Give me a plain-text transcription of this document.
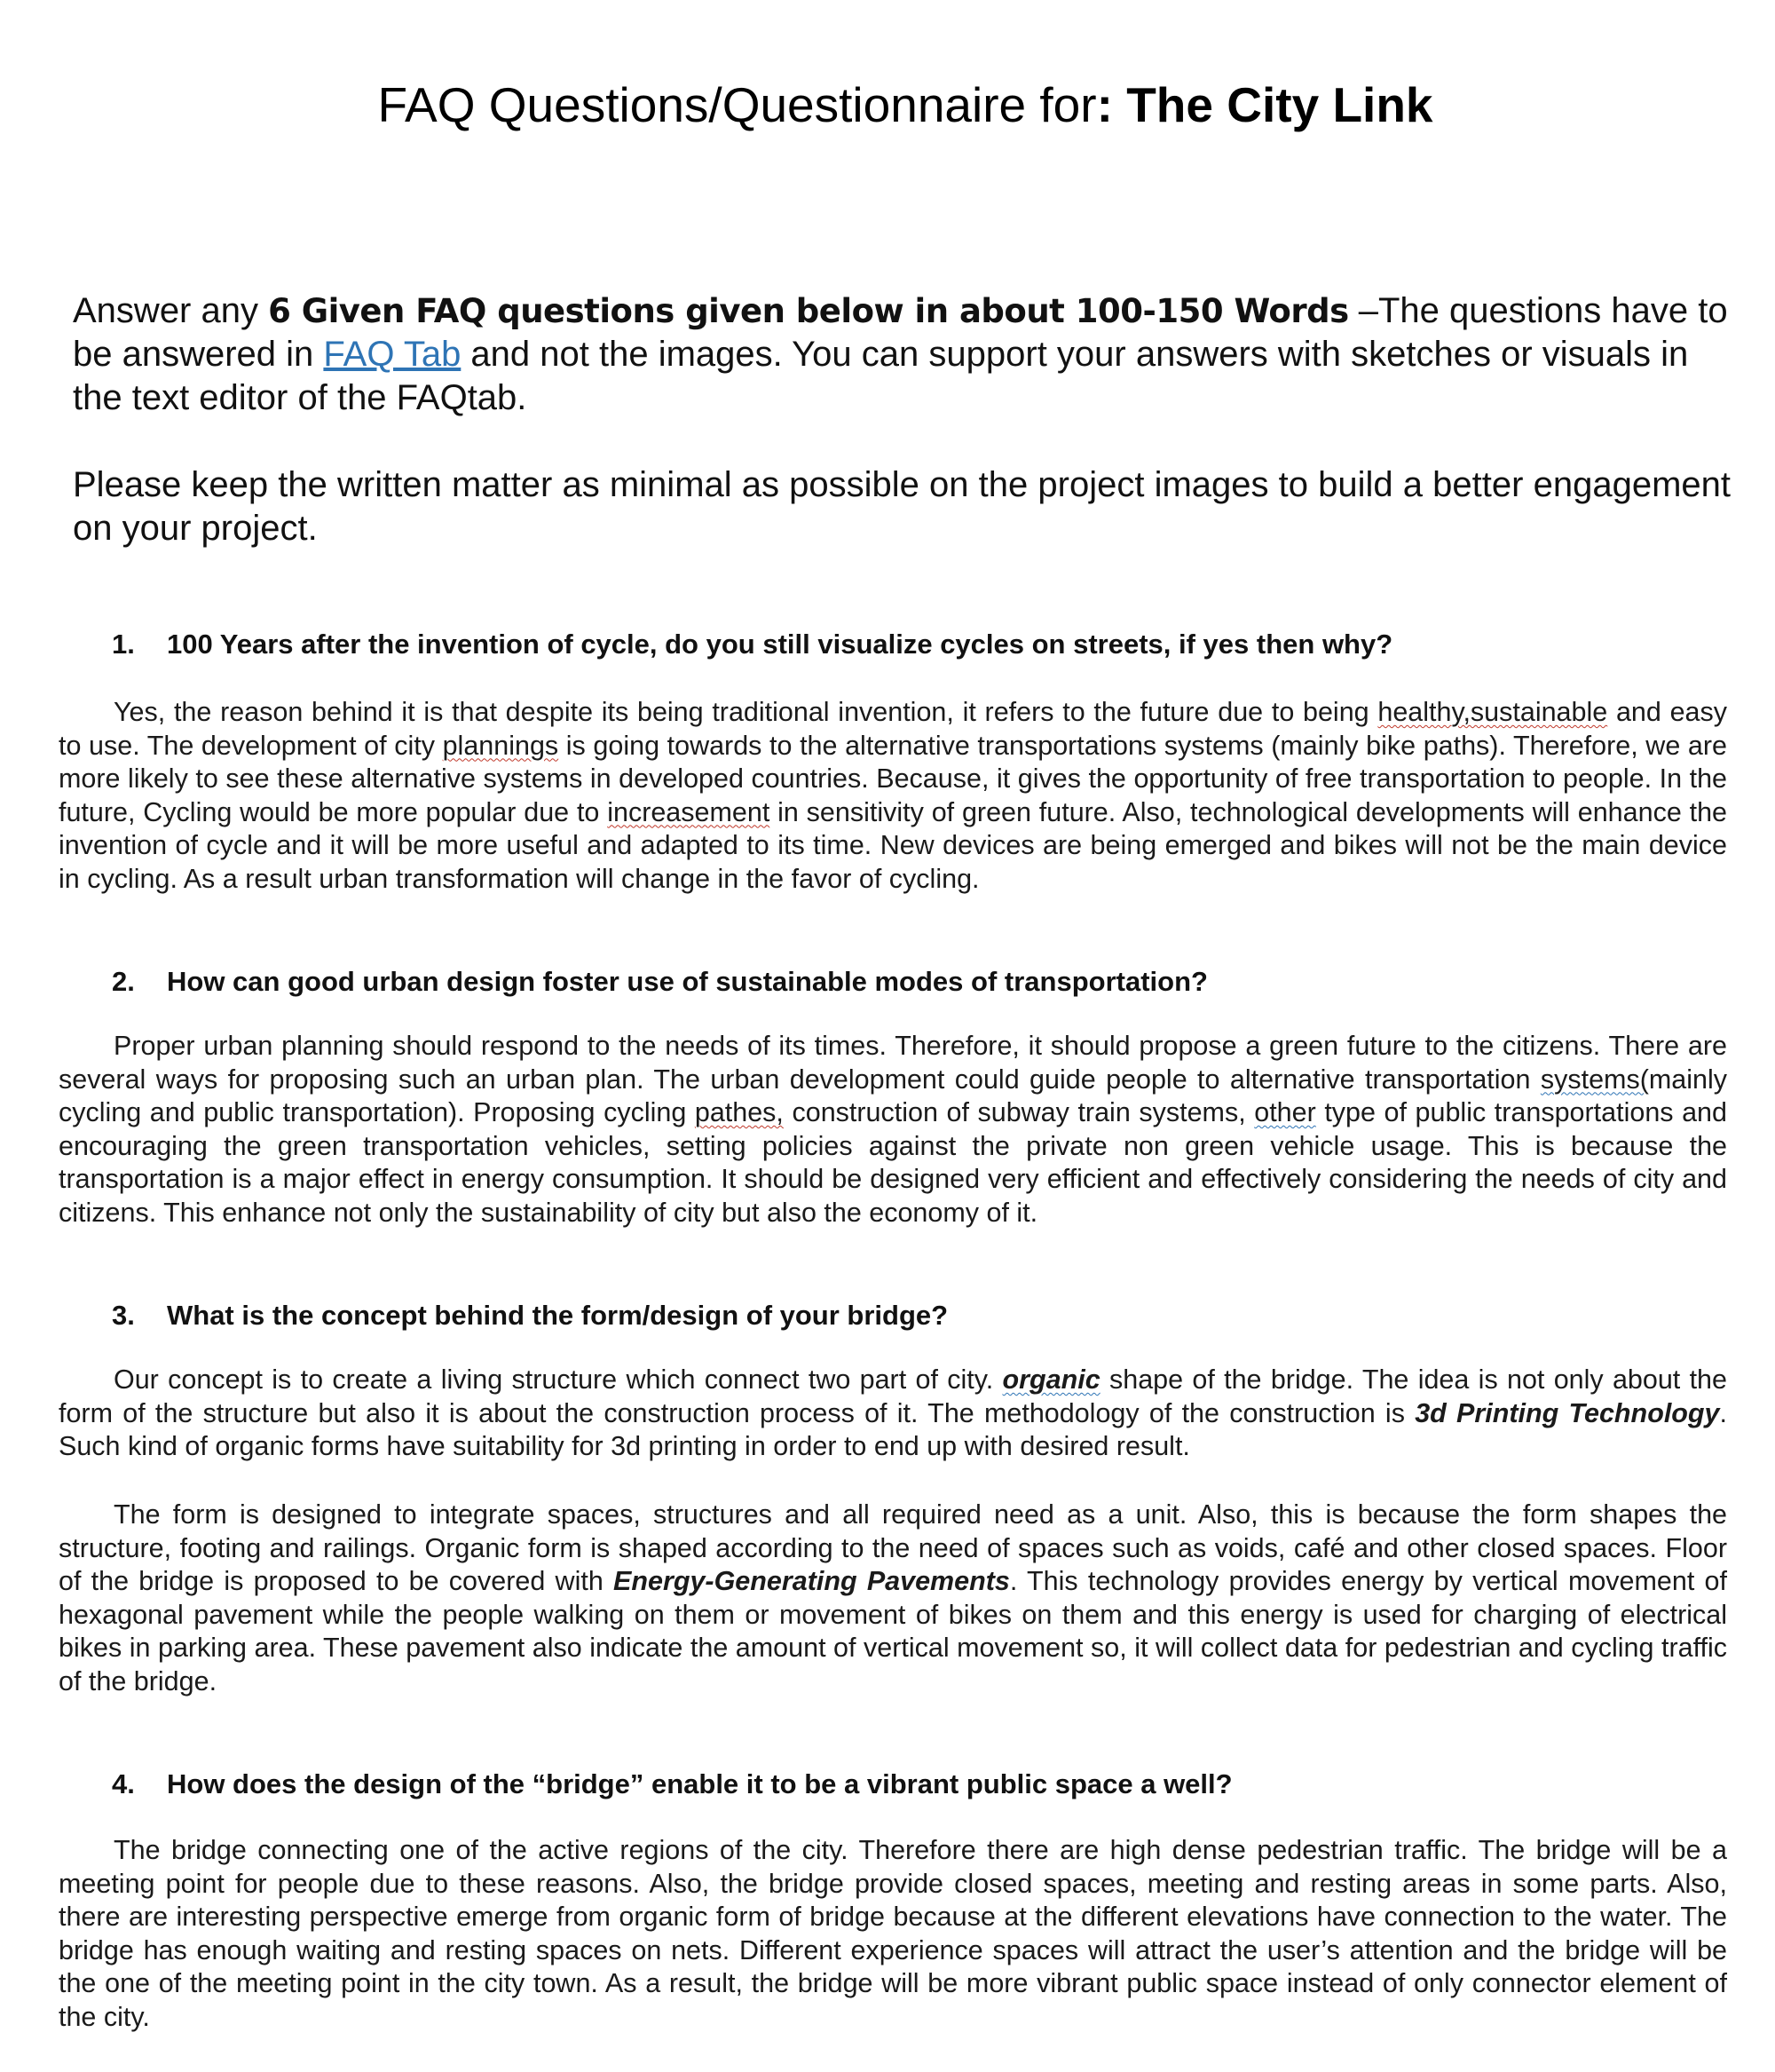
FAQ Questions/Questionnaire for: The City Link
Answer any 6 Given FAQ questions given below in about 100-150 Words –The questions have to be answered in FAQ Tab and not the images. You can support your answers with sketches or visuals in the text editor of the FAQtab.
Please keep the written matter as minimal as possible on the project images to build a better engagement on your project.
1. 100 Years after the invention of cycle, do you still visualize cycles on streets, if yes then why?
Yes, the reason behind it is that despite its being traditional invention, it refers to the future due to being healthy,sustainable and easy to use. The development of city plannings is going towards to the alternative transportations systems (mainly bike paths). Therefore, we are more likely to see these alternative systems in developed countries. Because, it gives the opportunity of free transportation to people. In the future, Cycling would be more popular due to increasement in sensitivity of green future. Also, technological developments will enhance the invention of cycle and it will be more useful and adapted to its time. New devices are being emerged and bikes will not be the main device in cycling. As a result urban transformation will change in the favor of cycling.
2. How can good urban design foster use of sustainable modes of transportation?
Proper urban planning should respond to the needs of its times. Therefore, it should propose a green future to the citizens. There are several ways for proposing such an urban plan. The urban development could guide people to alternative transportation systems(mainly cycling and public transportation). Proposing cycling pathes, construction of subway train systems, other type of public transportations and encouraging the green transportation vehicles, setting policies against the private non green vehicle usage. This is because the transportation is a major effect in energy consumption. It should be designed very efficient and effectively considering the needs of city and citizens. This enhance not only the sustainability of city but also the economy of it.
3. What is the concept behind the form/design of your bridge?
Our concept is to create a living structure which connect two part of city. organic shape of the bridge. The idea is not only about the form of the structure but also it is about the construction process of it. The methodology of the construction is 3d Printing Technology. Such kind of organic forms have suitability for 3d printing in order to end up with desired result.
The form is designed to integrate spaces, structures and all required need as a unit. Also, this is because the form shapes the structure, footing and railings. Organic form is shaped according to the need of spaces such as voids, café and other closed spaces. Floor of the bridge is proposed to be covered with Energy-Generating Pavements. This technology provides energy by vertical movement of hexagonal pavement while the people walking on them or movement of bikes on them and this energy is used for charging of electrical bikes in parking area. These pavement also indicate the amount of vertical movement so, it will collect data for pedestrian and cycling traffic of the bridge.
4. How does the design of the “bridge” enable it to be a vibrant public space a well?
The bridge connecting one of the active regions of the city. Therefore there are high dense pedestrian traffic. The bridge will be a meeting point for people due to these reasons. Also, the bridge provide closed spaces, meeting and resting areas in some parts. Also, there are interesting perspective emerge from organic form of bridge because at the different elevations have connection to the water. The bridge has enough waiting and resting spaces on nets. Different experience spaces will attract the user’s attention and the bridge will be the one of the meeting point in the city town. As a result, the bridge will be more vibrant public space instead of only connector element of the city.
